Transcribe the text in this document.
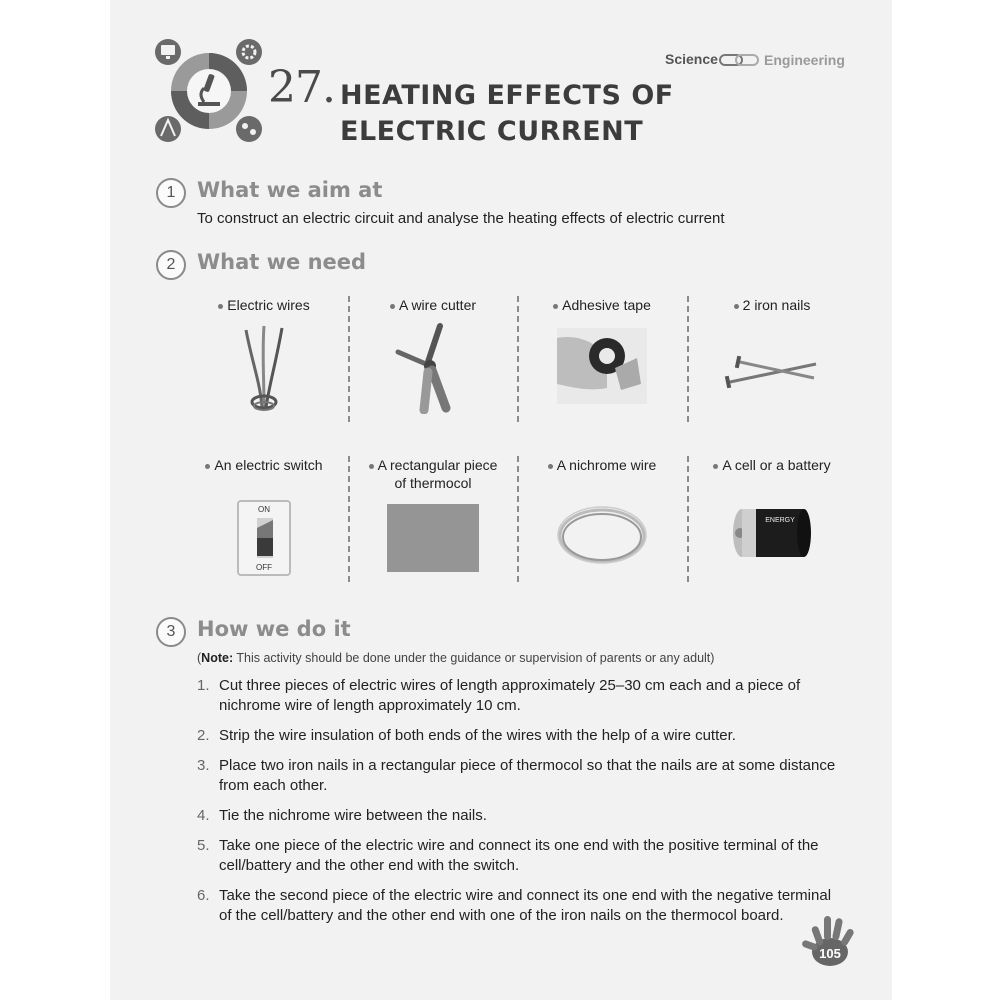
27. HEATING EFFECTS OF
ELECTRIC CURRENT
Science	Engineering
1	What we aim at
To construct an electric circuit and analyse the heating effects of electric current
2	What we need
Electric wires	A wire cutter	Adhesive tape	2 iron nails
An electric switch
ON
OFF
A rectangular piece of thermocol
A nichrome wire	A cell or a battery
ENERGY
3	How we do it
(Note: This activity should be done under the guidance or supervision of parents or any adult)
1. Cut three pieces of electric wires of length approximately 25–30 cm each and a piece of nichrome wire of length approximately 10 cm.
2. Strip the wire insulation of both ends of the wires with the help of a wire cutter.
3. Place two iron nails in a rectangular piece of thermocol so that the nails are at some distance from each other.
4. Tie the nichrome wire between the nails.
5. Take one piece of the electric wire and connect its one end with the positive terminal of the cell/battery and the other end with the switch.
6. Take the second piece of the electric wire and connect its one end with the negative terminal of the cell/battery and the other end with one of the iron nails on the thermocol board.
105
